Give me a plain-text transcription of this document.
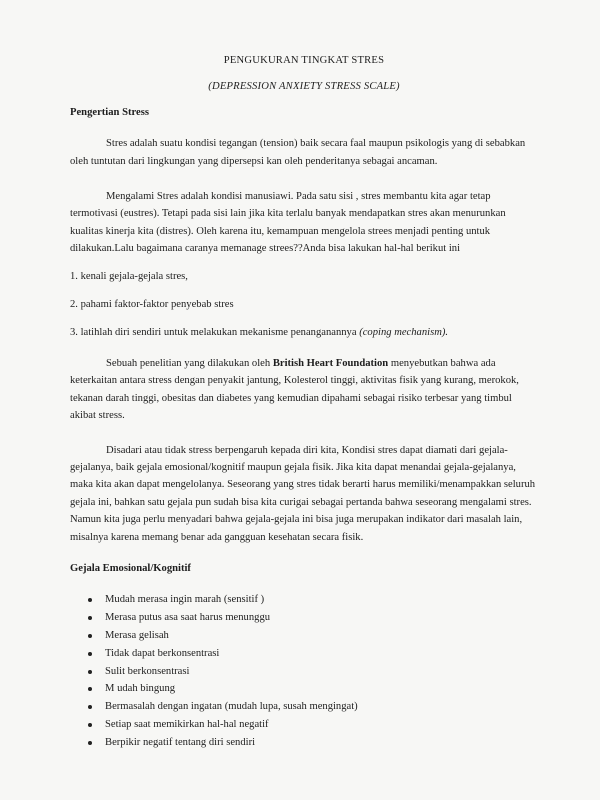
PENGUKURAN TINGKAT STRES
(DEPRESSION ANXIETY STRESS SCALE)
Pengertian Stress

Stres adalah suatu kondisi tegangan (tension) baik secara faal maupun psikologis yang di sebabkan oleh tuntutan dari lingkungan yang dipersepsi kan oleh penderitanya sebagai ancaman.

Mengalami Stres adalah kondisi manusiawi. Pada satu sisi , stres membantu kita agar tetap termotivasi (eustres). Tetapi pada sisi lain jika kita terlalu banyak mendapatkan stres akan menurunkan kualitas kinerja kita (distres). Oleh karena itu, kemampuan mengelola strees menjadi penting untuk dilakukan.Lalu bagaimana caranya memanage strees??Anda bisa lakukan hal-hal berikut ini

1. kenali gejala-gejala stres,
2. pahami faktor-faktor penyebab stres
3. latihlah diri sendiri untuk melakukan mekanisme penanganannya (coping mechanism).

Sebuah penelitian yang dilakukan oleh British Heart Foundation menyebutkan bahwa ada keterkaitan antara stress dengan penyakit jantung, Kolesterol tinggi, aktivitas fisik yang kurang, merokok, tekanan darah tinggi, obesitas dan diabetes yang kemudian dipahami sebagai risiko terbesar yang timbul akibat stress.

Disadari atau tidak stress berpengaruh kepada diri kita, Kondisi stres dapat diamati dari gejala-gejalanya, baik gejala emosional/kognitif maupun gejala fisik. Jika kita dapat menandai gejala-gejalanya, maka kita akan dapat mengelolanya. Seseorang yang stres tidak berarti harus memiliki/menampakkan seluruh gejala ini, bahkan satu gejala pun sudah bisa kita curigai sebagai pertanda bahwa seseorang mengalami stres. Namun kita juga perlu menyadari bahwa gejala-gejala ini bisa juga merupakan indikator dari masalah lain, misalnya karena memang benar ada gangguan kesehatan secara fisik.

Gejala Emosional/Kognitif
Mudah merasa ingin marah (sensitif )
Merasa putus asa saat harus menunggu
Merasa gelisah
Tidak dapat berkonsentrasi
Sulit berkonsentrasi
M udah bingung
Bermasalah dengan ingatan (mudah lupa, susah mengingat)
Setiap saat memikirkan hal-hal negatif
Berpikir negatif tentang diri sendiri
